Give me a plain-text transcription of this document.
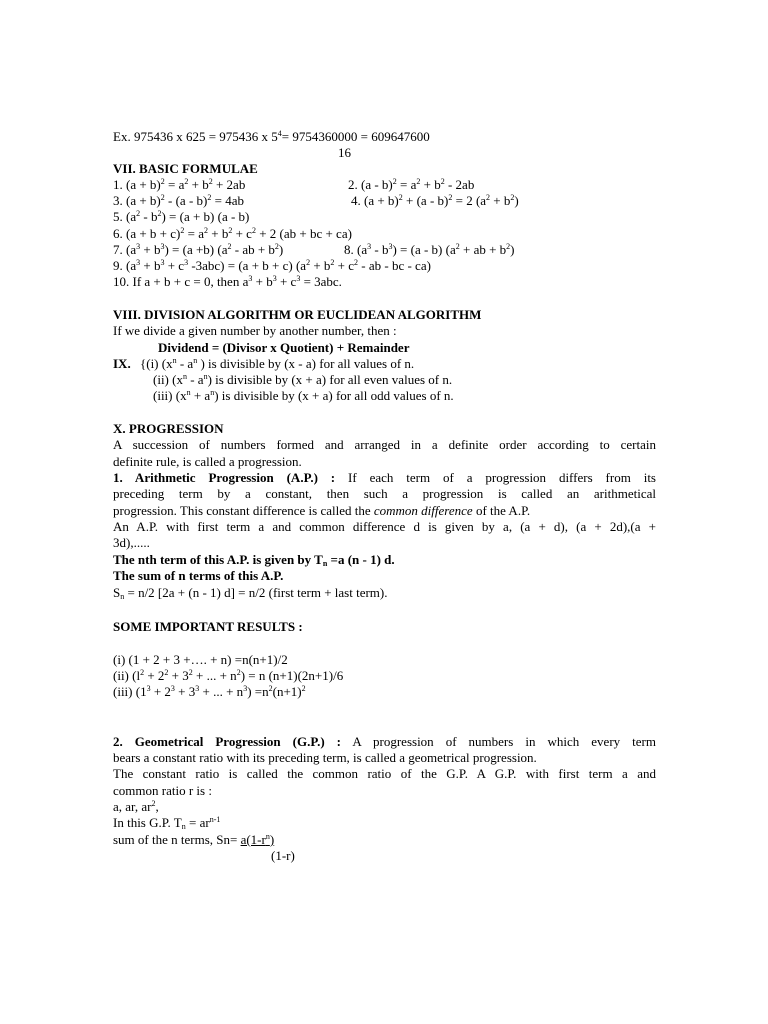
Ex. 975436 x 625 = 975436 x $5^4= 9754360000 = 609647600$
16
VII. BASIC FORMULAE
1. $(a + b)^2 = a^2 + b^2 + 2ab$	2. $(a - b)^2 = a^2 + b^2 - 2ab$
3. $(a + b)^2 - (a - b)^2 = 4ab$	4. $(a + b)^2 + (a - b)^2 = 2$ $(a^2 + b^2)$
5. $(a^2 - b^2) = (a + b)$ (a - b)
6. $(a + b + c)^2 = a^2 + b^2 + c^2 + 2$ (ab + bc + ca)
7. $(a^3 + b^3) = (a +b)$ ($a^2$ - ab + $b^2$)	8. $(a^3 - b^3) = (a - b) (a^2$ + ab + $b^2$)
9. ($a^3 + b^3 + c^3$ -3abc) = (a + b + c) ($a^2 + b^2 + c^2$ - ab - bc - ca)
10. If a + b + c = 0, then $a^3 + b^3 + c^3 = 3abc$.
VIII. DIVISION ALGORITHM OR EUCLIDEAN ALGORITHM
If we divide a given number by another number, then :
Dividend = (Divisor x Quotient) + Remainder
IX. {(i) ($x^n - a^n$ ) is divisible by (x - a) for all values of n.
(ii) $(x^n - a^n)$ is divisible by (x + a) for all even values of n.
(iii) $(x^n + a^n)$ is divisible by (x + a) for all odd values of n.
X. PROGRESSION
A succession of numbers formed and arranged in a definite order according to certain
definite rule, is called a progression.
1. Arithmetic Progression (A.P.) : If each term of a progression differs from its
preceding term by a constant, then such a progression is called an arithmetical
progression. This constant difference is called the common difference of the A.P.
An A.P. with first term a and common difference d is given by a, (a + d), (a + 2d),(a +
3d),.....
The nth term of this A.P. is given by $T_n =a$ (n - 1) d.
The sum of n terms of this A.P.
$S_n = n/2$ [2a + (n - 1) d] = n/2 (first term + last term).
SOME IMPORTANT RESULTS :
(i) (1 + 2 + 3 +…. + n) =n(n+1)/2
(ii) ($l^2 + 2^2 + 3^2$ + ... + $n^2) = n$ (n+1)(2n+1)/6
(iii) ($1^3 + 2^3 + 3^3$ + ... + $n^3) =n^2(n+1)^2$
2. Geometrical Progression (G.P.) : A progression of numbers in which every term
bears a constant ratio with its preceding term, is called a geometrical progression.
The constant ratio is called the common ratio of the G.P. A G.P. with first term a and
common ratio r is :
a, ar, $ar^2$,
In this G.P. $T_n = ar^{n-1}$
sum of the n terms, $Sn= a(1-r^n)$
(1-r)
